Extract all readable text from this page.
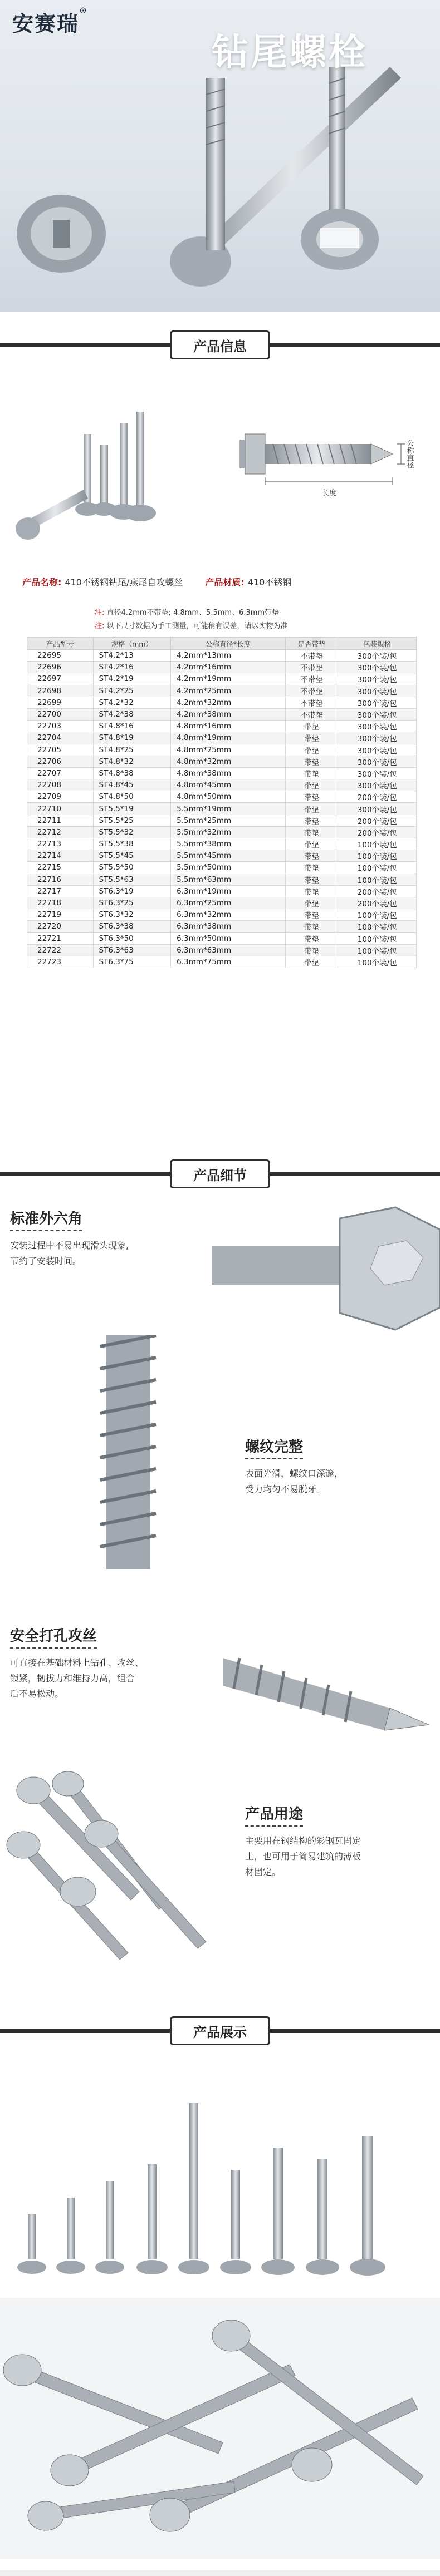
安赛瑞®
钻尾螺栓
产品信息
公称直径
长度
产品名称: 410不锈钢钻尾/燕尾自攻螺丝	产品材质: 410不锈钢
注: 直径4.2mm不带垫; 4.8mm、5.5mm、6.3mm带垫
注: 以下尺寸数据为手工测量，可能稍有误差，请以实物为准
产品型号	规格（mm）	公称直径*长度	是否带垫	包装规格
22695	ST4.2*13	4.2mm*13mm	不带垫	300个装/包
22696	ST4.2*16	4.2mm*16mm	不带垫	300个装/包
22697	ST4.2*19	4.2mm*19mm	不带垫	300个装/包
22698	ST4.2*25	4.2mm*25mm	不带垫	300个装/包
22699	ST4.2*32	4.2mm*32mm	不带垫	300个装/包
22700	ST4.2*38	4.2mm*38mm	不带垫	300个装/包
22703	ST4.8*16	4.8mm*16mm	带垫	300个装/包
22704	ST4.8*19	4.8mm*19mm	带垫	300个装/包
22705	ST4.8*25	4.8mm*25mm	带垫	300个装/包
22706	ST4.8*32	4.8mm*32mm	带垫	300个装/包
22707	ST4.8*38	4.8mm*38mm	带垫	300个装/包
22708	ST4.8*45	4.8mm*45mm	带垫	300个装/包
22709	ST4.8*50	4.8mm*50mm	带垫	200个装/包
22710	ST5.5*19	5.5mm*19mm	带垫	300个装/包
22711	ST5.5*25	5.5mm*25mm	带垫	200个装/包
22712	ST5.5*32	5.5mm*32mm	带垫	200个装/包
22713	ST5.5*38	5.5mm*38mm	带垫	100个装/包
22714	ST5.5*45	5.5mm*45mm	带垫	100个装/包
22715	ST5.5*50	5.5mm*50mm	带垫	100个装/包
22716	ST5.5*63	5.5mm*63mm	带垫	100个装/包
22717	ST6.3*19	6.3mm*19mm	带垫	200个装/包
22718	ST6.3*25	6.3mm*25mm	带垫	200个装/包
22719	ST6.3*32	6.3mm*32mm	带垫	100个装/包
22720	ST6.3*38	6.3mm*38mm	带垫	100个装/包
22721	ST6.3*50	6.3mm*50mm	带垫	100个装/包
22722	ST6.3*63	6.3mm*63mm	带垫	100个装/包
22723	ST6.3*75	6.3mm*75mm	带垫	100个装/包
产品细节
标准外六角
安装过程中不易出现滑头现象,
节约了安装时间。
螺纹完整
表面光滑，螺纹口深邃，
受力均匀不易脱牙。
安全打孔攻丝
可直接在基础材料上钻孔、攻丝、
锁紧，韧拔力和维持力高，组合
后不易松动。
产品用途
主要用在钢结构的彩钢瓦固定
上，也可用于简易建筑的薄板
材固定。
产品展示
